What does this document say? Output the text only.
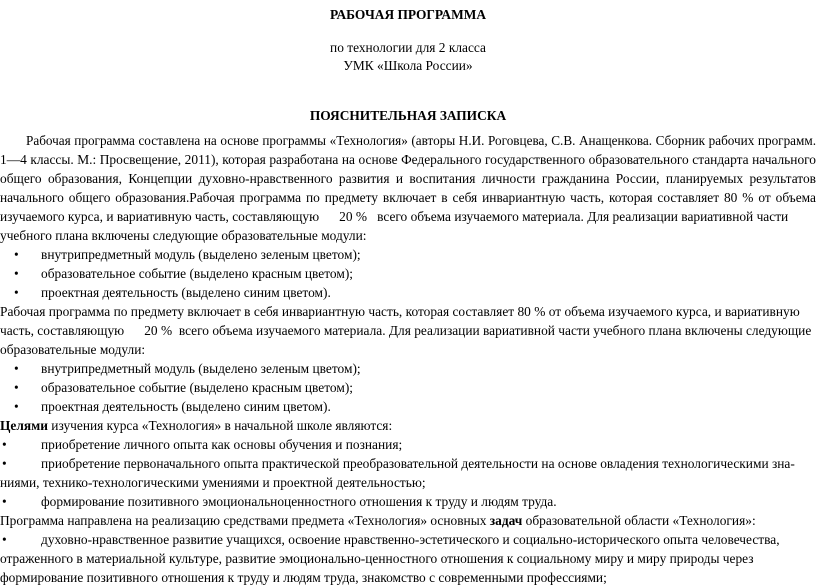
РАБОЧАЯ ПРОГРАММА
по технологии для 2 класса
УМК «Школа России»
ПОЯСНИТЕЛЬНАЯ ЗАПИСКА

Рабочая программа составлена на основе программы «Технология» (авторы Н.И. Роговцева, С.В. Анащенкова. Сборник рабочих программ.

1—4 классы. М.: Просвещение, 2011), которая разработана на основе Федерального государственного образовательного стандарта начального

общего образования, Концепции духовно-нравственного развития и воспитания личности гражданина России, планируемых результатов

начального общего образования.Рабочая программа по предмету включает в себя инвариантную часть, которая составляет 80 % от объема

изучаемого курса, и вариативную часть, составляющую      20 %   всего объема изучаемого материала. Для реализации вариативной части

учебного плана включены следующие образовательные модули:

• внутрипредметный модуль (выделено зеленым цветом);

• образовательное событие (выделено красным цветом);

• проектная деятельность (выделено синим цветом).

Рабочая программа по предмету включает в себя инвариантную часть, которая составляет 80 % от объема изучаемого курса, и вариативную

часть, составляющую      20 %  всего объема изучаемого материала. Для реализации вариативной части учебного плана включены следующие

образовательные модули:

• внутрипредметный модуль (выделено зеленым цветом);

• образовательное событие (выделено красным цветом);

• проектная деятельность (выделено синим цветом).

Целями изучения курса «Технология» в начальной школе являются:

•	приобретение личного опыта как основы обучения и познания;

•	приобретение первоначального опыта практической преобразовательной деятельности на основе овладения технологическими зна-

ниями, технико-технологическими умениями и проектной деятельностью;

•	формирование позитивного эмоциональноценностного отношения к труду и людям труда.

Программа направлена на реализацию средствами предмета «Технология» основных задач образовательной области «Технология»:

•	духовно-нравственное развитие учащихся, освоение нравственно-эстетического и социально-исторического опыта человечества,

отраженного в материальной культуре, развитие эмоционально-ценностного отношения к социальному миру и миру природы через

формирование позитивного отношения к труду и людям труда, знакомство с современными профессиями;
